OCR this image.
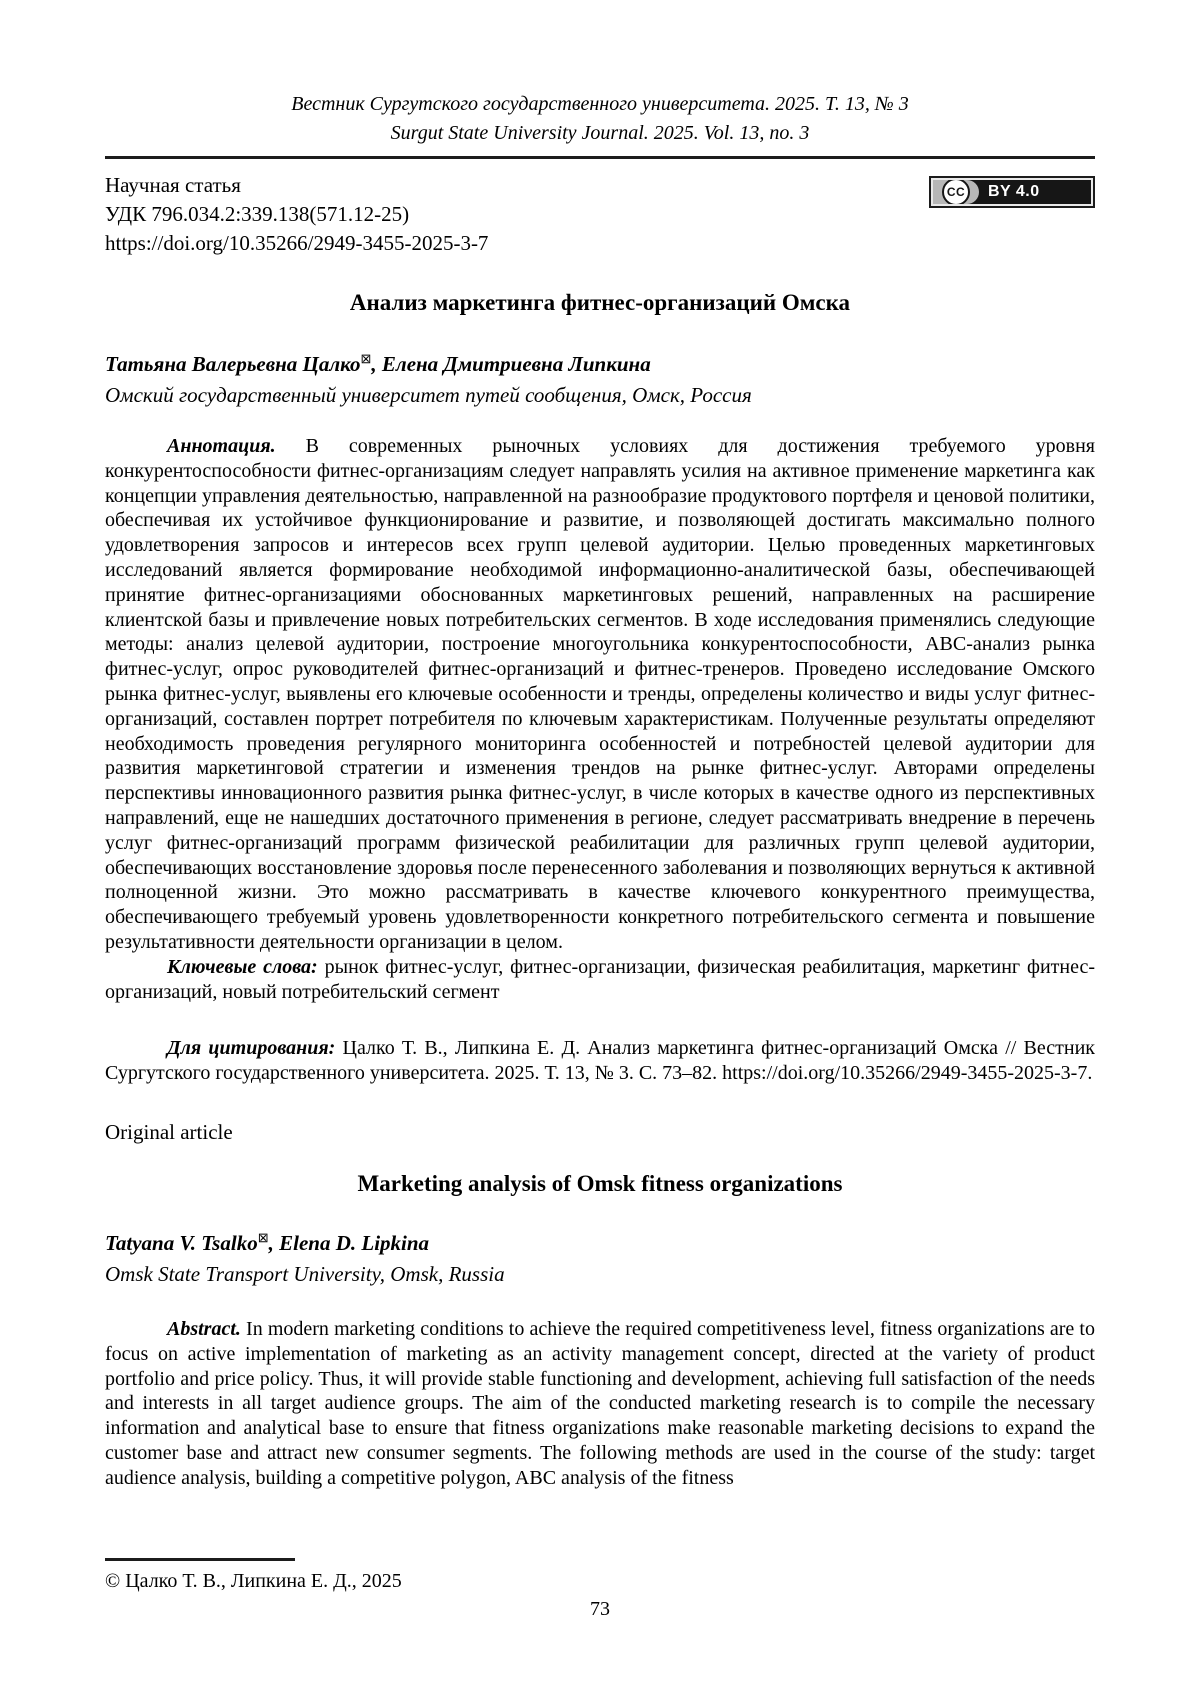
Вестник Сургутского государственного университета. 2025. Т. 13, № 3
Surgut State University Journal. 2025. Vol. 13, no. 3
Научная статья
УДК 796.034.2:339.138(571.12-25)
https://doi.org/10.35266/2949-3455-2025-3-7
CC	BY 4.0
Анализ маркетинга фитнес-организаций Омска
Татьяна Валерьевна Цалко⊠, Елена Дмитриевна Липкина
Омский государственный университет путей сообщения, Омск, Россия

Аннотация. В современных рыночных условиях для достижения требуемого уровня конкурентоспособности фитнес-организациям следует направлять усилия на активное применение маркетинга как концепции управления деятельностью, направленной на разнообразие продуктового портфеля и ценовой политики, обеспечивая их устойчивое функционирование и развитие, и позволяющей достигать максимально полного удовлетворения запросов и интересов всех групп целевой аудитории. Целью проведенных маркетинговых исследований является формирование необходимой информационно-аналитической базы, обеспечивающей принятие фитнес-организациями обоснованных маркетинговых решений, направленных на расширение клиентской базы и привлечение новых потребительских сегментов. В ходе исследования применялись следующие методы: анализ целевой аудитории, построение многоугольника конкурентоспособности, АВС-анализ рынка фитнес-услуг, опрос руководителей фитнес-организаций и фитнес-тренеров. Проведено исследование Омского рынка фитнес-услуг, выявлены его ключевые особенности и тренды, определены количество и виды услуг фитнес-организаций, составлен портрет потребителя по ключевым характеристикам. Полученные результаты определяют необходимость проведения регулярного мониторинга особенностей и потребностей целевой аудитории для развития маркетинговой стратегии и изменения трендов на рынке фитнес-услуг. Авторами определены перспективы инновационного развития рынка фитнес-услуг, в числе которых в качестве одного из перспективных направлений, еще не нашедших достаточного применения в регионе, следует рассматривать внедрение в перечень услуг фитнес-организаций программ физической реабилитации для различных групп целевой аудитории, обеспечивающих восстановление здоровья после перенесенного заболевания и позволяющих вернуться к активной полноценной жизни. Это можно рассматривать в качестве ключевого конкурентного преимущества, обеспечивающего требуемый уровень удовлетворенности конкретного потребительского сегмента и повышение результативности деятельности организации в целом.

Ключевые слова: рынок фитнес-услуг, фитнес-организации, физическая реабилитация, маркетинг фитнес-организаций, новый потребительский сегмент

Для цитирования: Цалко Т. В., Липкина Е. Д. Анализ маркетинга фитнес-организаций Омска // Вестник Сургутского государственного университета. 2025. Т. 13, № 3. С. 73–82. https://doi.org/10.35266/2949-3455-2025-3-7.

Original article
Marketing analysis of Omsk fitness organizations
Tatyana V. Tsalko⊠, Elena D. Lipkina
Omsk State Transport University, Omsk, Russia

Abstract. In modern marketing conditions to achieve the required competitiveness level, fitness organizations are to focus on active implementation of marketing as an activity management concept, directed at the variety of product portfolio and price policy. Thus, it will provide stable functioning and development, achieving full satisfaction of the needs and interests in all target audience groups. The aim of the conducted marketing research is to compile the necessary information and analytical base to ensure that fitness organizations make reasonable marketing decisions to expand the customer base and attract new consumer segments. The following methods are used in the course of the study: target audience analysis, building a competitive polygon, ABC analysis of the fitness

© Цалко Т. В., Липкина Е. Д., 2025
73
